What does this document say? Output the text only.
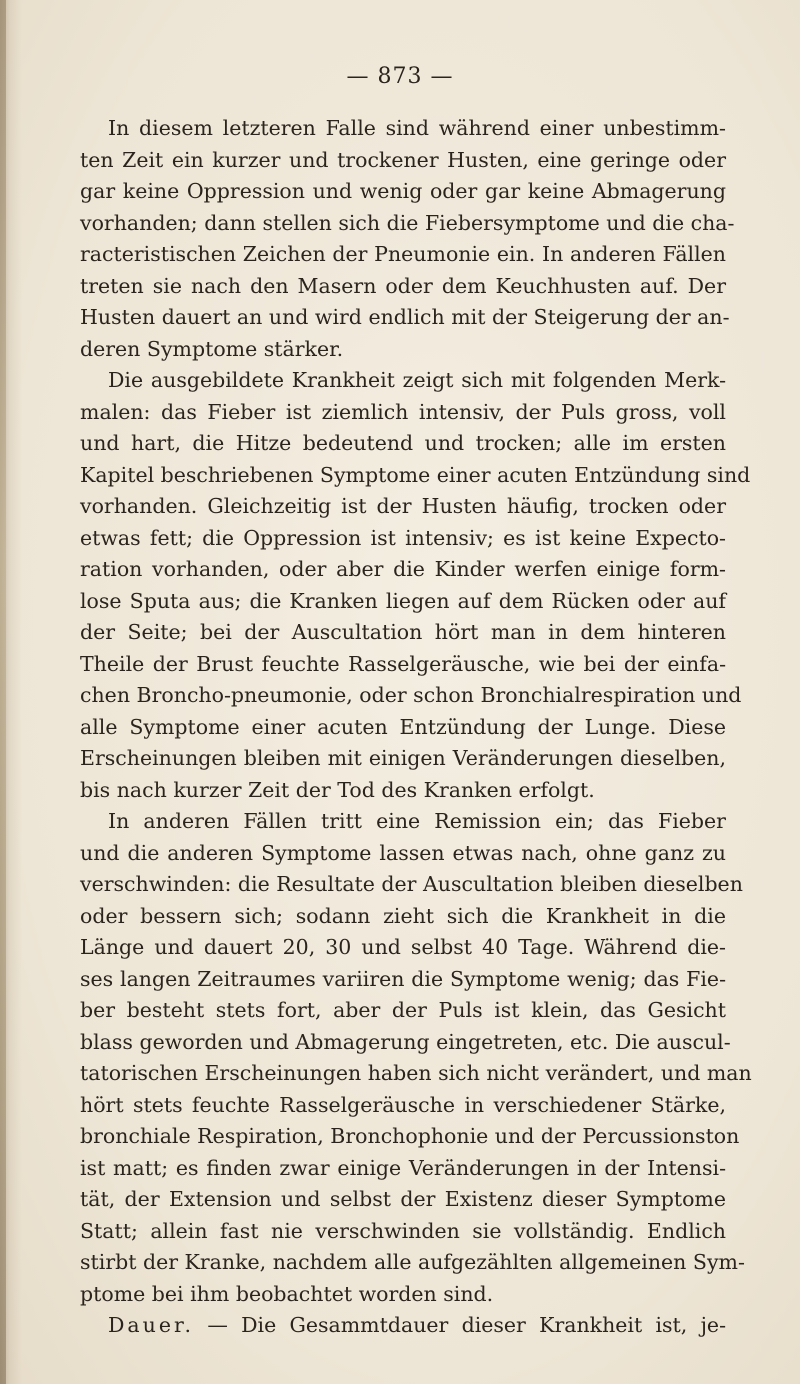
— 873 —
In diesem letzteren Falle sind während einer unbestimm-
ten Zeit ein kurzer und trockener Husten, eine geringe oder
gar keine Oppression und wenig oder gar keine Abmagerung
vorhanden; dann stellen sich die Fiebersymptome und die cha-
racteristischen Zeichen der Pneumonie ein. In anderen Fällen
treten sie nach den Masern oder dem Keuchhusten auf. Der
Husten dauert an und wird endlich mit der Steigerung der an-
deren Symptome stärker.
Die ausgebildete Krankheit zeigt sich mit folgenden Merk-
malen: das Fieber ist ziemlich intensiv, der Puls gross, voll
und hart, die Hitze bedeutend und trocken; alle im ersten
Kapitel beschriebenen Symptome einer acuten Entzündung sind
vorhanden. Gleichzeitig ist der Husten häufig, trocken oder
etwas fett; die Oppression ist intensiv; es ist keine Expecto-
ration vorhanden, oder aber die Kinder werfen einige form-
lose Sputa aus; die Kranken liegen auf dem Rücken oder auf
der Seite; bei der Auscultation hört man in dem hinteren
Theile der Brust feuchte Rasselgeräusche, wie bei der einfa-
chen Broncho-pneumonie, oder schon Bronchialrespiration und
alle Symptome einer acuten Entzündung der Lunge. Diese
Erscheinungen bleiben mit einigen Veränderungen dieselben,
bis nach kurzer Zeit der Tod des Kranken erfolgt.
In anderen Fällen tritt eine Remission ein; das Fieber
und die anderen Symptome lassen etwas nach, ohne ganz zu
verschwinden: die Resultate der Auscultation bleiben dieselben
oder bessern sich; sodann zieht sich die Krankheit in die
Länge und dauert 20, 30 und selbst 40 Tage. Während die-
ses langen Zeitraumes variiren die Symptome wenig; das Fie-
ber besteht stets fort, aber der Puls ist klein, das Gesicht
blass geworden und Abmagerung eingetreten, etc. Die auscul-
tatorischen Erscheinungen haben sich nicht verändert, und man
hört stets feuchte Rasselgeräusche in verschiedener Stärke,
bronchiale Respiration, Bronchophonie und der Percussionston
ist matt; es finden zwar einige Veränderungen in der Intensi-
tät, der Extension und selbst der Existenz dieser Symptome
Statt; allein fast nie verschwinden sie vollständig. Endlich
stirbt der Kranke, nachdem alle aufgezählten allgemeinen Sym-
ptome bei ihm beobachtet worden sind.
Dauer. — Die Gesammtdauer dieser Krankheit ist, je-
